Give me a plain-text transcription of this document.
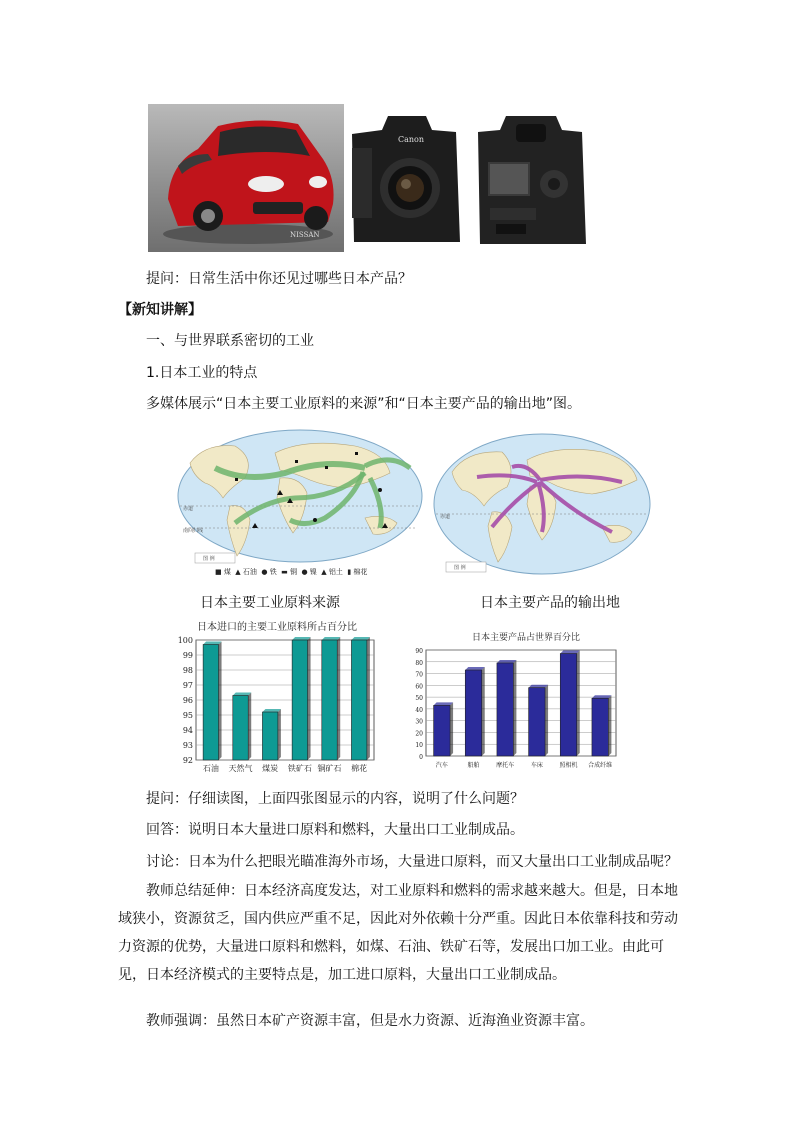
NISSAN
Canon
提问：日常生活中你还见过哪些日本产品？
【新知讲解】
一、与世界联系密切的工业
1.日本工业的特点
多媒体展示“日本主要工业原料的来源”和“日本主要产品的输出地”图。
赤道
南回归线
图 例
■ 煤 ▲ 石油 ● 铁 ▬ 铜 ● 镍 ▲ 铝土 ▮ 棉花
赤道
图 例
日本主要工业原料来源	日本主要产品的输出地
日本进口的主要工业原料所占百分比
92
93
94
95
96
97
98
99
100
石油 天然气 煤炭 铁矿石 铜矿石 棉花
日本主要产品占世界百分比
0
10
20
30
40
50
60
70
80
90
汽车	船舶	摩托车	车床	照相机 合成纤维
提问：仔细读图，上面四张图显示的内容，说明了什么问题？
回答：说明日本大量进口原料和燃料，大量出口工业制成品。
讨论：日本为什么把眼光瞄准海外市场，大量进口原料，而又大量出口工业制成品呢？
教师总结延伸：日本经济高度发达，对工业原料和燃料的需求越来越大。但是，日本地域狭小，资源贫乏，国内供应严重不足，因此对外依赖十分严重。因此日本依靠科技和劳动力资源的优势，大量进口原料和燃料，如煤、石油、铁矿石等，发展出口加工业。由此可见，日本经济模式的主要特点是，加工进口原料，大量出口工业制成品。
教师强调：虽然日本矿产资源丰富，但是水力资源、近海渔业资源丰富。
